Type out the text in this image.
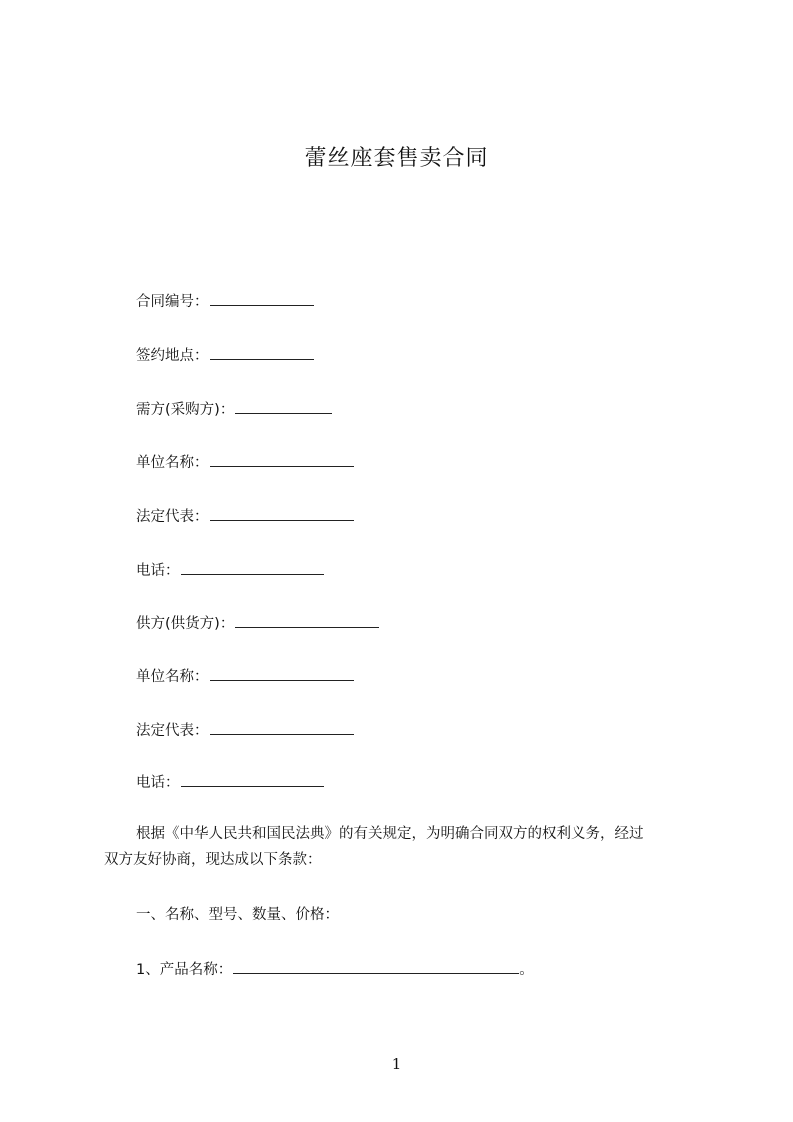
蕾丝座套售卖合同
合同编号：
签约地点：
需方(采购方)：
单位名称：
法定代表：
电话：
供方(供货方)：
单位名称：
法定代表：
电话：
根据《中华人民共和国民法典》的有关规定，为明确合同双方的权利义务，经过
双方友好协商，现达成以下条款：
一、名称、型号、数量、价格：
1、产品名称：	。
1
